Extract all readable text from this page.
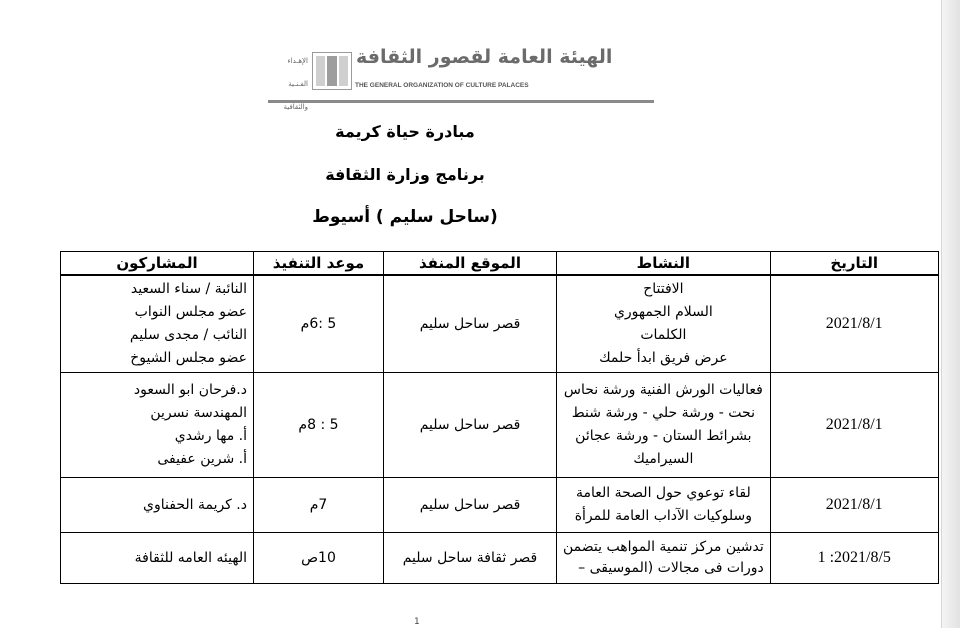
الإهـداء
الفـنـية
والثقافية
الهيئة العامة لقصور الثقافة
THE GENERAL ORGANIZATION OF CULTURE PALACES
مبادرة حياة كريمة
برنامج وزارة الثقافة
(ساحل سليم ) أسيوط
التاريخ	النشاط	الموقع المنفذ	موعد التنفيذ	المشاركون
2021/8/1	الافتتاح
السلام الجمهوري
الكلمات
عرض فريق ابدأ حلمك	قصر ساحل سليم	5 :6م	النائبة / سناء السعيد
عضو مجلس النواب
النائب / مجدى سليم
عضو مجلس الشيوخ

2021/8/1	فعاليات الورش الفنية ورشة نحاس
نحت - ورشة حلي - ورشة شنط
بشرائط الستان - ورشة عجائن
السيراميك	قصر ساحل سليم	5 : 8م	د.فرحان ابو السعود
المهندسة نسرين
أ. مها رشدي
أ. شرين عفيفى

2021/8/1	لقاء توعوي حول الصحة العامة
وسلوكيات الآداب العامة للمرأة	قصر ساحل سليم	7م	د. كريمة الحفناوي

2021/8/5: 1	تدشين مركز تنمية المواهب يتضمن
دورات فى مجالات (الموسيقى –	قصر ثقافة ساحل سليم	10ص	الهيئه العامه للثقافة
1
